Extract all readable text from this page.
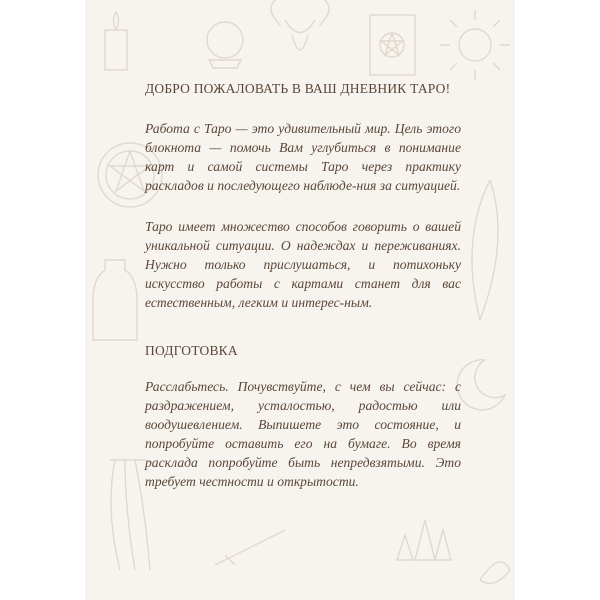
ДОБРО ПОЖАЛОВАТЬ В ВАШ ДНЕВНИК ТАРО!

Работа с Таро — это удивительный мир. Цель этого блокнота — помочь Вам углубиться в понимание карт и самой системы Таро через практику раскладов и последующего наблюде-ния за ситуацией.

Таро имеет множество способов говорить о вашей уникальной ситуации. О надеждах и переживаниях. Нужно только прислушаться, и потихоньку искусство работы с картами станет для вас естественным, легким и интерес-ным.

ПОДГОТОВКА

Расслабьтесь. Почувствуйте, с чем вы сейчас: с раздражением, усталостью, радостью или воодушевлением. Выпишете это состояние, и попробуйте оставить его на бумаге. Во время расклада попробуйте быть непредвзятыми. Это требует честности и открытости.
